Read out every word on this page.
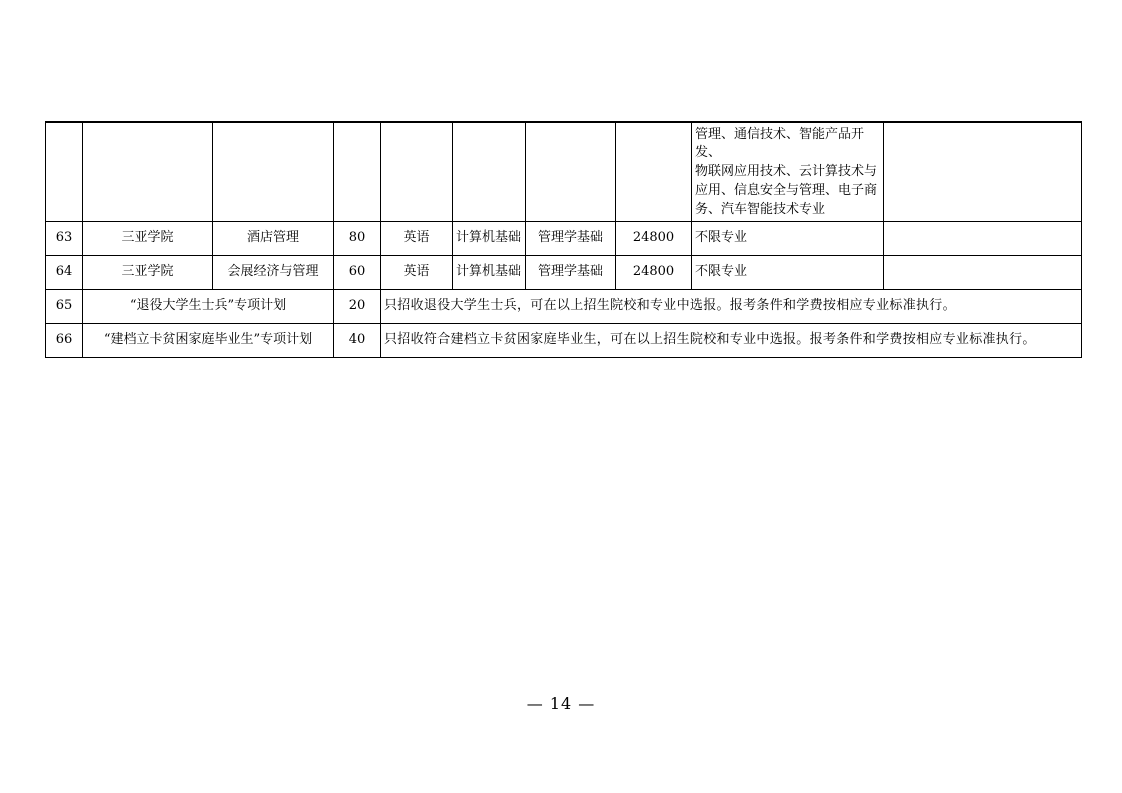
								管理、通信技术、智能产品开发、
物联网应用技术、云计算技术与
应用、信息安全与管理、电子商
务、汽车智能技术专业	

63	三亚学院	酒店管理	80	英语	计算机基础	管理学基础	24800	不限专业	
64	三亚学院	会展经济与管理	60	英语	计算机基础	管理学基础	24800	不限专业	
65	“退役大学生士兵”专项计划		20	只招收退役大学生士兵，可在以上招生院校和专业中选报。报考条件和学费按相应专业标准执行。					
66	“建档立卡贫困家庭毕业生”专项计划		40	只招收符合建档立卡贫困家庭毕业生，可在以上招生院校和专业中选报。报考条件和学费按相应专业标准执行。					
— 14 —
